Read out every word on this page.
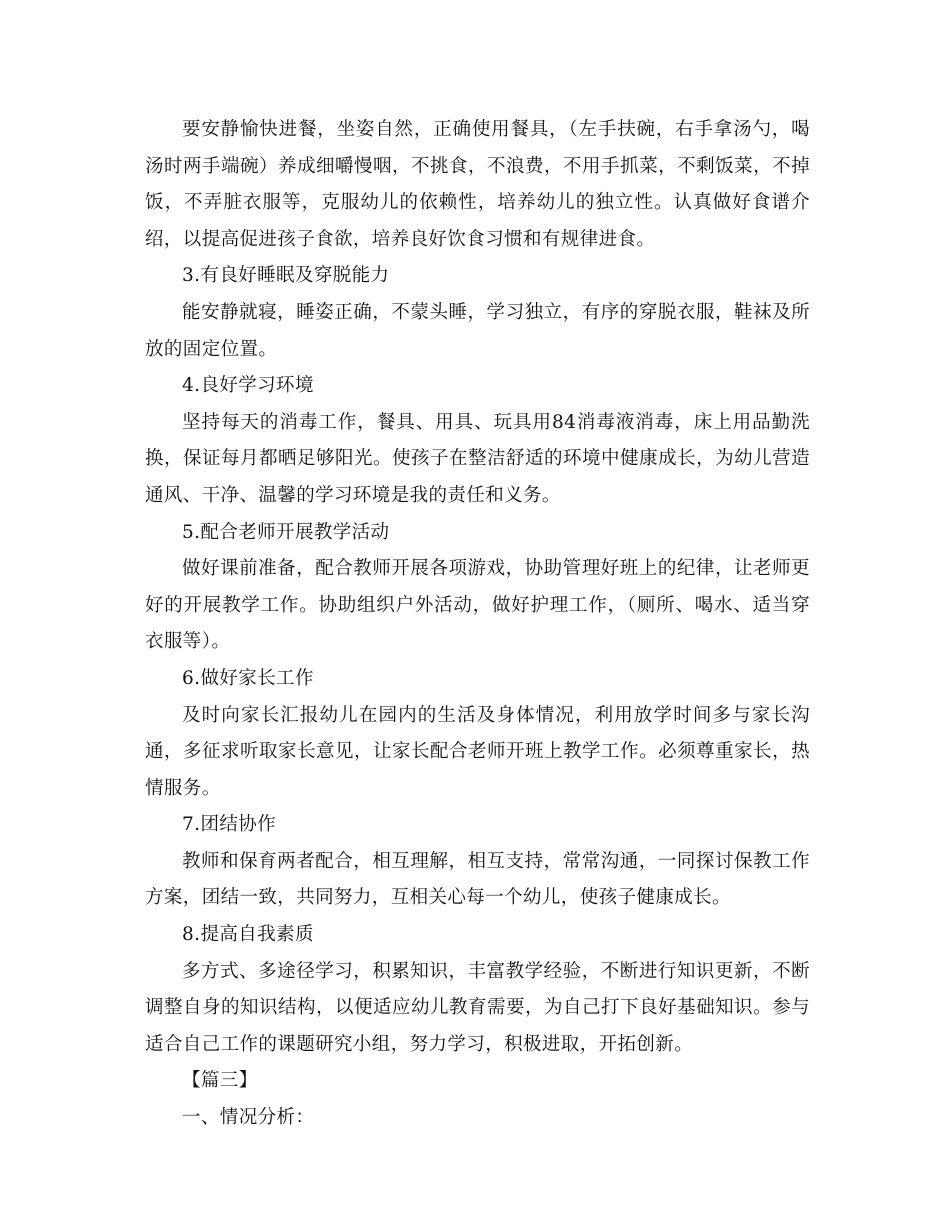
要安静愉快进餐，坐姿自然，正确使用餐具，（左手扶碗，右手拿汤勺，喝汤时两手端碗）养成细嚼慢咽，不挑食，不浪费，不用手抓菜，不剩饭菜，不掉饭，不弄脏衣服等，克服幼儿的依赖性，培养幼儿的独立性。认真做好食谱介绍，以提高促进孩子食欲，培养良好饮食习惯和有规律进食。

3.有良好睡眠及穿脱能力

能安静就寝，睡姿正确，不蒙头睡，学习独立，有序的穿脱衣服，鞋袜及所放的固定位置。

4.良好学习环境

坚持每天的消毒工作，餐具、用具、玩具用84消毒液消毒，床上用品勤洗换，保证每月都晒足够阳光。使孩子在整洁舒适的环境中健康成长，为幼儿营造通风、干净、温馨的学习环境是我的责任和义务。

5.配合老师开展教学活动

做好课前准备，配合教师开展各项游戏，协助管理好班上的纪律，让老师更好的开展教学工作。协助组织户外活动，做好护理工作，（厕所、喝水、适当穿衣服等）。

6.做好家长工作

及时向家长汇报幼儿在园内的生活及身体情况，利用放学时间多与家长沟通，多征求听取家长意见，让家长配合老师开班上教学工作。必须尊重家长，热情服务。

7.团结协作

教师和保育两者配合，相互理解，相互支持，常常沟通，一同探讨保教工作方案，团结一致，共同努力，互相关心每一个幼儿，使孩子健康成长。

8.提高自我素质

多方式、多途径学习，积累知识，丰富教学经验，不断进行知识更新，不断调整自身的知识结构，以便适应幼儿教育需要，为自己打下良好基础知识。参与适合自己工作的课题研究小组，努力学习，积极进取，开拓创新。

【篇三】

一、情况分析：
